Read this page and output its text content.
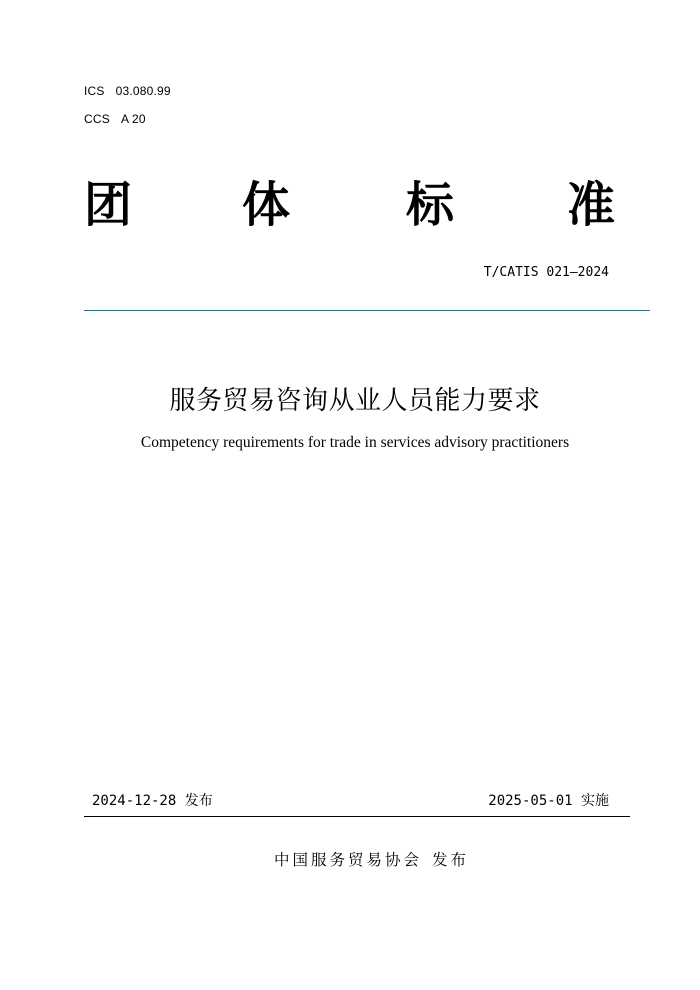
ICS 03.080.99
CCS A 20
团 体 标 准
T/CATIS 021—2024
服务贸易咨询从业人员能力要求
Competency requirements for trade in services advisory practitioners
2024-12-28 发布	2025-05-01 实施
中国服务贸易协会 发布
